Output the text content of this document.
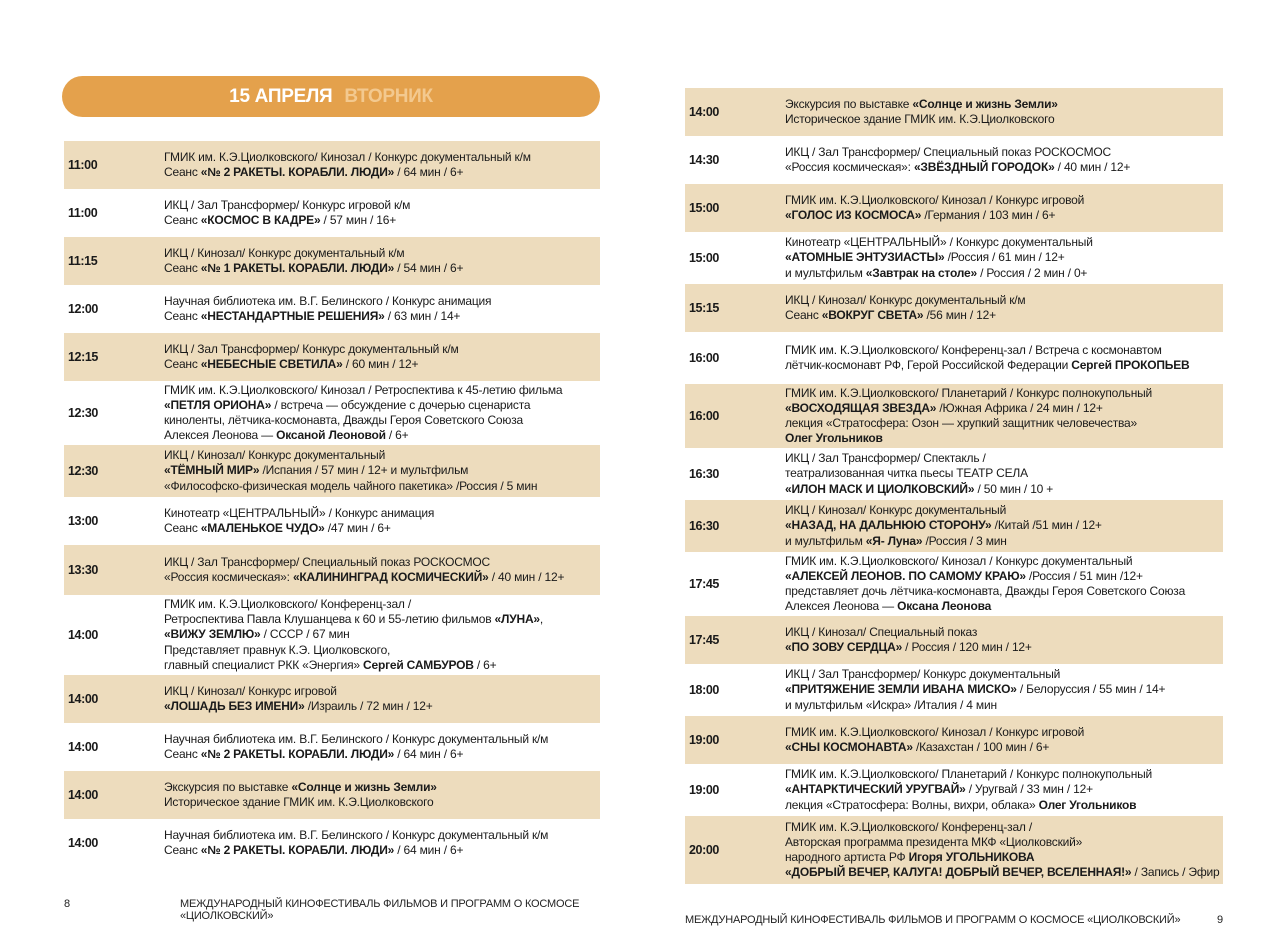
15 АПРЕЛЯ ВТОРНИК
11:00
ГМИК им. К.Э.Циолковского/ Кинозал / Конкурс документальный к/м
Сеанс «№ 2 РАКЕТЫ. КОРАБЛИ. ЛЮДИ» / 64 мин / 6+
11:00
ИКЦ / Зал Трансформер/ Конкурс игровой к/м
Сеанс «КОСМОС В КАДРЕ» / 57 мин / 16+
11:15
ИКЦ / Кинозал/ Конкурс документальный к/м
Сеанс «№ 1 РАКЕТЫ. КОРАБЛИ. ЛЮДИ» / 54 мин / 6+
12:00
Научная библиотека им. В.Г. Белинского / Конкурс анимация
Сеанс «НЕСТАНДАРТНЫЕ РЕШЕНИЯ» / 63 мин / 14+
12:15
ИКЦ / Зал Трансформер/ Конкурс документальный к/м
Сеанс «НЕБЕСНЫЕ СВЕТИЛА» / 60 мин / 12+
12:30
ГМИК им. К.Э.Циолковского/ Кинозал / Ретроспектива к 45-летию фильма
«ПЕТЛЯ ОРИОНА» / встреча — обсуждение с дочерью сценариста
киноленты, лётчика-космонавта, Дважды Героя Советского Союза
Алексея Леонова — Оксаной Леоновой / 6+
12:30
ИКЦ / Кинозал/ Конкурс документальный
«ТЁМНЫЙ МИР» /Испания / 57 мин / 12+ и мультфильм
«Философско-физическая модель чайного пакетика» /Россия / 5 мин
13:00
Кинотеатр «ЦЕНТРАЛЬНЫЙ» / Конкурс анимация
Сеанс «МАЛЕНЬКОЕ ЧУДО» /47 мин / 6+
13:30
ИКЦ / Зал Трансформер/ Специальный показ РОСКОСМОС
«Россия космическая»: «КАЛИНИНГРАД КОСМИЧЕСКИЙ» / 40 мин / 12+
14:00
ГМИК им. К.Э.Циолковского/ Конференц-зал /
Ретроспектива Павла Клушанцева к 60 и 55-летию фильмов «ЛУНА»,
«ВИЖУ ЗЕМЛЮ» / СССР / 67 мин
Представляет правнук К.Э. Циолковского,
главный специалист РКК «Энергия» Сергей САМБУРОВ / 6+
14:00
ИКЦ / Кинозал/ Конкурс игровой
«ЛОШАДЬ БЕЗ ИМЕНИ» /Израиль / 72 мин / 12+
14:00
Научная библиотека им. В.Г. Белинского / Конкурс документальный к/м
Сеанс «№ 2 РАКЕТЫ. КОРАБЛИ. ЛЮДИ» / 64 мин / 6+
14:00
Экскурсия по выставке «Солнце и жизнь Земли»
Историческое здание ГМИК им. К.Э.Циолковского
14:00
Научная библиотека им. В.Г. Белинского / Конкурс документальный к/м
Сеанс «№ 2 РАКЕТЫ. КОРАБЛИ. ЛЮДИ» / 64 мин / 6+
8	МЕЖДУНАРОДНЫЙ КИНОФЕСТИВАЛЬ ФИЛЬМОВ И ПРОГРАММ О КОСМОСЕ «ЦИОЛКОВСКИЙ»
14:00
Экскурсия по выставке «Солнце и жизнь Земли»
Историческое здание ГМИК им. К.Э.Циолковского
14:30
ИКЦ / Зал Трансформер/ Специальный показ РОСКОСМОС
«Россия космическая»: «ЗВЁЗДНЫЙ ГОРОДОК» / 40 мин / 12+
15:00
ГМИК им. К.Э.Циолковского/ Кинозал / Конкурс игровой
«ГОЛОС ИЗ КОСМОСА» /Германия / 103 мин / 6+
15:00
Кинотеатр «ЦЕНТРАЛЬНЫЙ» / Конкурс документальный
«АТОМНЫЕ ЭНТУЗИАСТЫ» /Россия / 61 мин / 12+
и мультфильм «Завтрак на столе» / Россия / 2 мин / 0+
15:15
ИКЦ / Кинозал/ Конкурс документальный к/м
Сеанс «ВОКРУГ СВЕТА» /56 мин / 12+
16:00
ГМИК им. К.Э.Циолковского/ Конференц-зал / Встреча с космонавтом
лётчик-космонавт РФ, Герой Российской Федерации Сергей ПРОКОПЬЕВ
16:00
ГМИК им. К.Э.Циолковского/ Планетарий / Конкурс полнокупольный
«ВОСХОДЯЩАЯ ЗВЕЗДА» /Южная Африка / 24 мин / 12+
лекция «Стратосфера: Озон — хрупкий защитник человечества»
Олег Угольников
16:30
ИКЦ / Зал Трансформер/ Спектакль /
театрализованная читка пьесы ТЕАТР СЕЛА
«ИЛОН МАСК И ЦИОЛКОВСКИЙ» / 50 мин / 10 +
16:30
ИКЦ / Кинозал/ Конкурс документальный
«НАЗАД, НА ДАЛЬНЮЮ СТОРОНУ» /Китай /51 мин / 12+
и мультфильм «Я- Луна» /Россия / 3 мин
17:45
ГМИК им. К.Э.Циолковского/ Кинозал / Конкурс документальный
«АЛЕКСЕЙ ЛЕОНОВ. ПО САМОМУ КРАЮ» /Россия / 51 мин /12+
представляет дочь лётчика-космонавта, Дважды Героя Советского Союза
Алексея Леонова — Оксана Леонова
17:45
ИКЦ / Кинозал/ Специальный показ
«ПО ЗОВУ СЕРДЦА» / Россия / 120 мин / 12+
18:00
ИКЦ / Зал Трансформер/ Конкурс документальный
«ПРИТЯЖЕНИЕ ЗЕМЛИ ИВАНА МИСКО» / Белоруссия / 55 мин / 14+
и мультфильм «Искра» /Италия / 4 мин
19:00
ГМИК им. К.Э.Циолковского/ Кинозал / Конкурс игровой
«СНЫ КОСМОНАВТА» /Казахстан / 100 мин / 6+
19:00
ГМИК им. К.Э.Циолковского/ Планетарий / Конкурс полнокупольный
«АНТАРКТИЧЕСКИЙ УРУГВАЙ» / Уругвай / 33 мин / 12+
лекция «Стратосфера: Волны, вихри, облака» Олег Угольников
20:00
ГМИК им. К.Э.Циолковского/ Конференц-зал /
Авторская программа президента МКФ «Циолковский»
народного артиста РФ Игоря УГОЛЬНИКОВА
«ДОБРЫЙ ВЕЧЕР, КАЛУГА! ДОБРЫЙ ВЕЧЕР, ВСЕЛЕННАЯ!» / Запись / Эфир
МЕЖДУНАРОДНЫЙ КИНОФЕСТИВАЛЬ ФИЛЬМОВ И ПРОГРАММ О КОСМОСЕ «ЦИОЛКОВСКИЙ»	9
